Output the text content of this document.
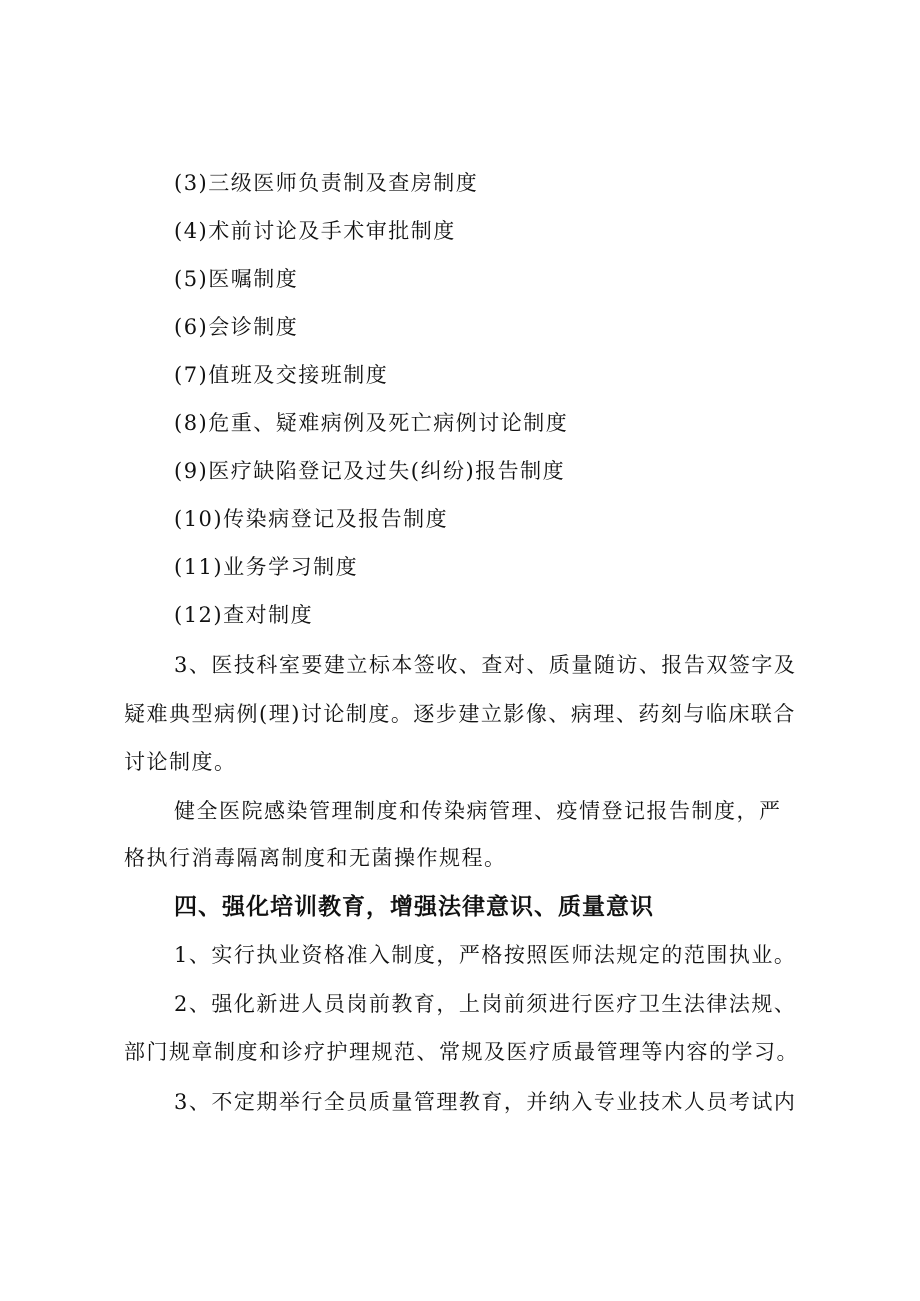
(3)三级医师负责制及查房制度
(4)术前讨论及手术审批制度
(5)医嘱制度
(6)会诊制度
(7)值班及交接班制度
(8)危重、疑难病例及死亡病例讨论制度
(9)医疗缺陷登记及过失(纠纷)报告制度
(10)传染病登记及报告制度
(11)业务学习制度
(12)查对制度
3、医技科室要建立标本签收、查对、质量随访、报告双签字及
疑难典型病例(理)讨论制度。逐步建立影像、病理、药刻与临床联合
讨论制度。
健全医院感染管理制度和传染病管理、疫情登记报告制度，严
格执行消毒隔离制度和无菌操作规程。
四、强化培训教育，增强法律意识、质量意识
1、实行执业资格准入制度，严格按照医师法规定的范围执业。
2、强化新进人员岗前教育，上岗前须进行医疗卫生法律法规、
部门规章制度和诊疗护理规范、常规及医疗质最管理等内容的学习。
3、不定期举行全员质量管理教育，并纳入专业技术人员考试内
